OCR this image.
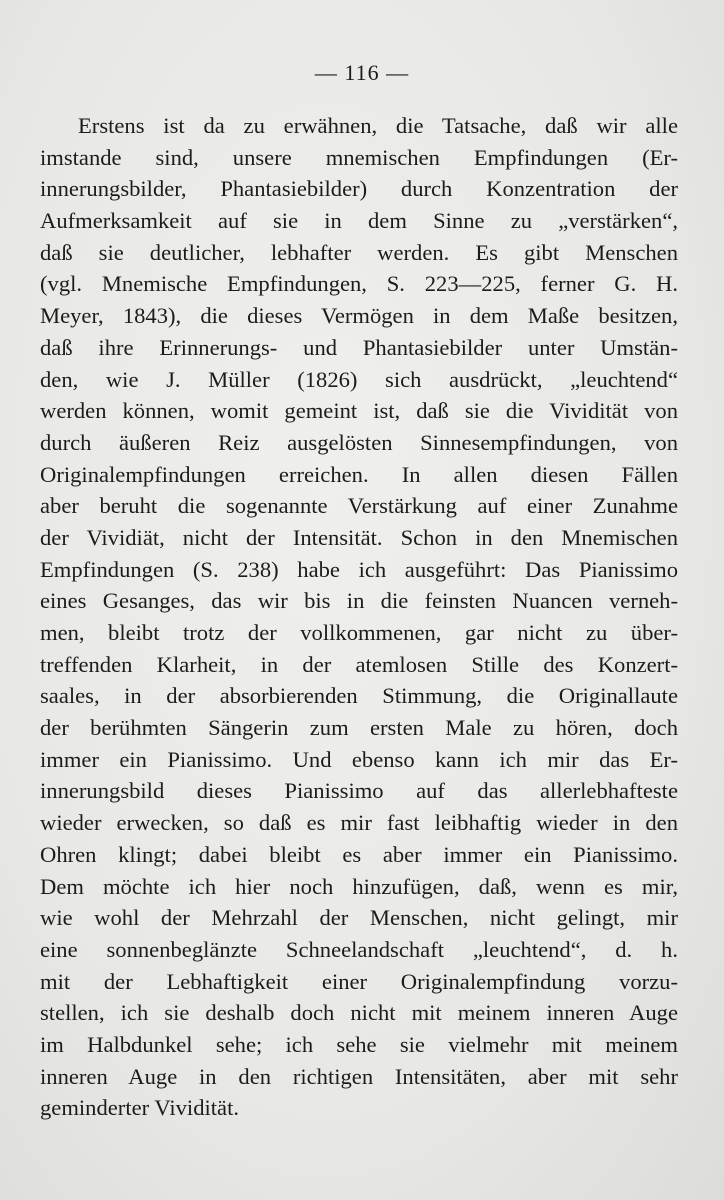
— 116 —
Erstens ist da zu erwähnen, die Tatsache, daß wir alle
imstande sind, unsere mnemischen Empfindungen (Er-
innerungsbilder, Phantasiebilder) durch Konzentration der
Aufmerksamkeit auf sie in dem Sinne zu „verstärken“,
daß sie deutlicher, lebhafter werden. Es gibt Menschen
(vgl. Mnemische Empfindungen, S. 223—225, ferner G. H.
Meyer, 1843), die dieses Vermögen in dem Maße besitzen,
daß ihre Erinnerungs- und Phantasiebilder unter Umstän-
den, wie J. Müller (1826) sich ausdrückt, „leuchtend“
werden können, womit gemeint ist, daß sie die Vividität von
durch äußeren Reiz ausgelösten Sinnesempfindungen, von
Originalempfindungen erreichen. In allen diesen Fällen
aber beruht die sogenannte Verstärkung auf einer Zunahme
der Vividiät, nicht der Intensität. Schon in den Mnemischen
Empfindungen (S. 238) habe ich ausgeführt: Das Pianissimo
eines Gesanges, das wir bis in die feinsten Nuancen verneh-
men, bleibt trotz der vollkommenen, gar nicht zu über-
treffenden Klarheit, in der atemlosen Stille des Konzert-
saales, in der absorbierenden Stimmung, die Originallaute
der berühmten Sängerin zum ersten Male zu hören, doch
immer ein Pianissimo. Und ebenso kann ich mir das Er-
innerungsbild dieses Pianissimo auf das allerlebhafteste
wieder erwecken, so daß es mir fast leibhaftig wieder in den
Ohren klingt; dabei bleibt es aber immer ein Pianissimo.
Dem möchte ich hier noch hinzufügen, daß, wenn es mir,
wie wohl der Mehrzahl der Menschen, nicht gelingt, mir
eine sonnenbeglänzte Schneelandschaft „leuchtend“, d. h.
mit der Lebhaftigkeit einer Originalempfindung vorzu-
stellen, ich sie deshalb doch nicht mit meinem inneren Auge
im Halbdunkel sehe; ich sehe sie vielmehr mit meinem
inneren Auge in den richtigen Intensitäten, aber mit sehr
geminderter Vividität.
